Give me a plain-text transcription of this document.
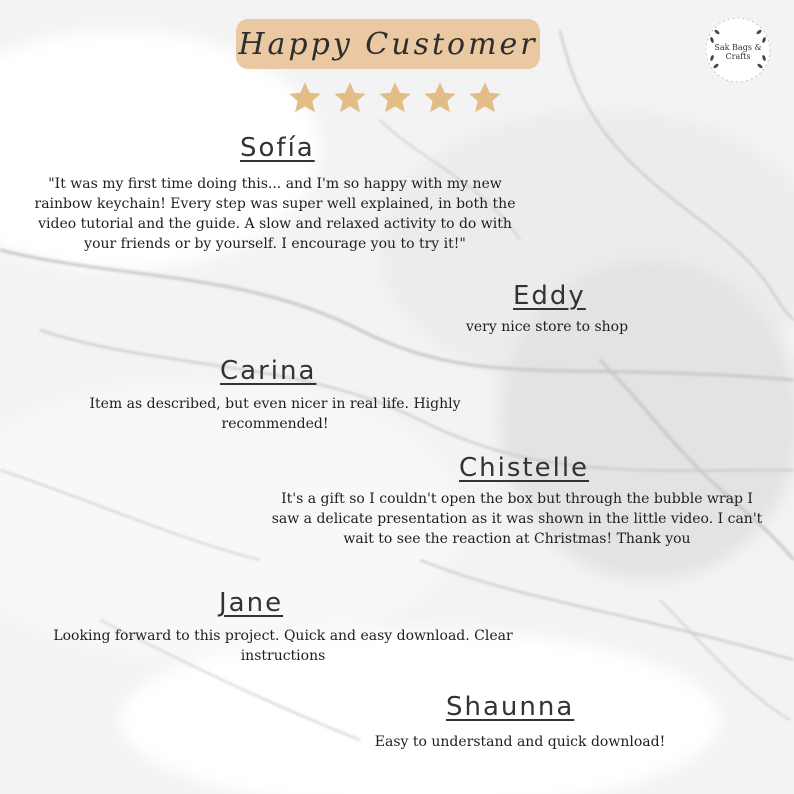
Happy Customer	Sak Bags & Crafts
Sofía
"It was my first time doing this... and I'm so happy with my new rainbow keychain! Every step was super well explained, in both the video tutorial and the guide. A slow and relaxed activity to do with your friends or by yourself. I encourage you to try it!"
Eddy
very nice store to shop
Carina
Item as described, but even nicer in real life. Highly recommended!
Chistelle
It's a gift so I couldn't open the box but through the bubble wrap I saw a delicate presentation as it was shown in the little video. I can't wait to see the reaction at Christmas! Thank you
Jane
Looking forward to this project. Quick and easy download. Clear instructions
Shaunna
Easy to understand and quick download!
